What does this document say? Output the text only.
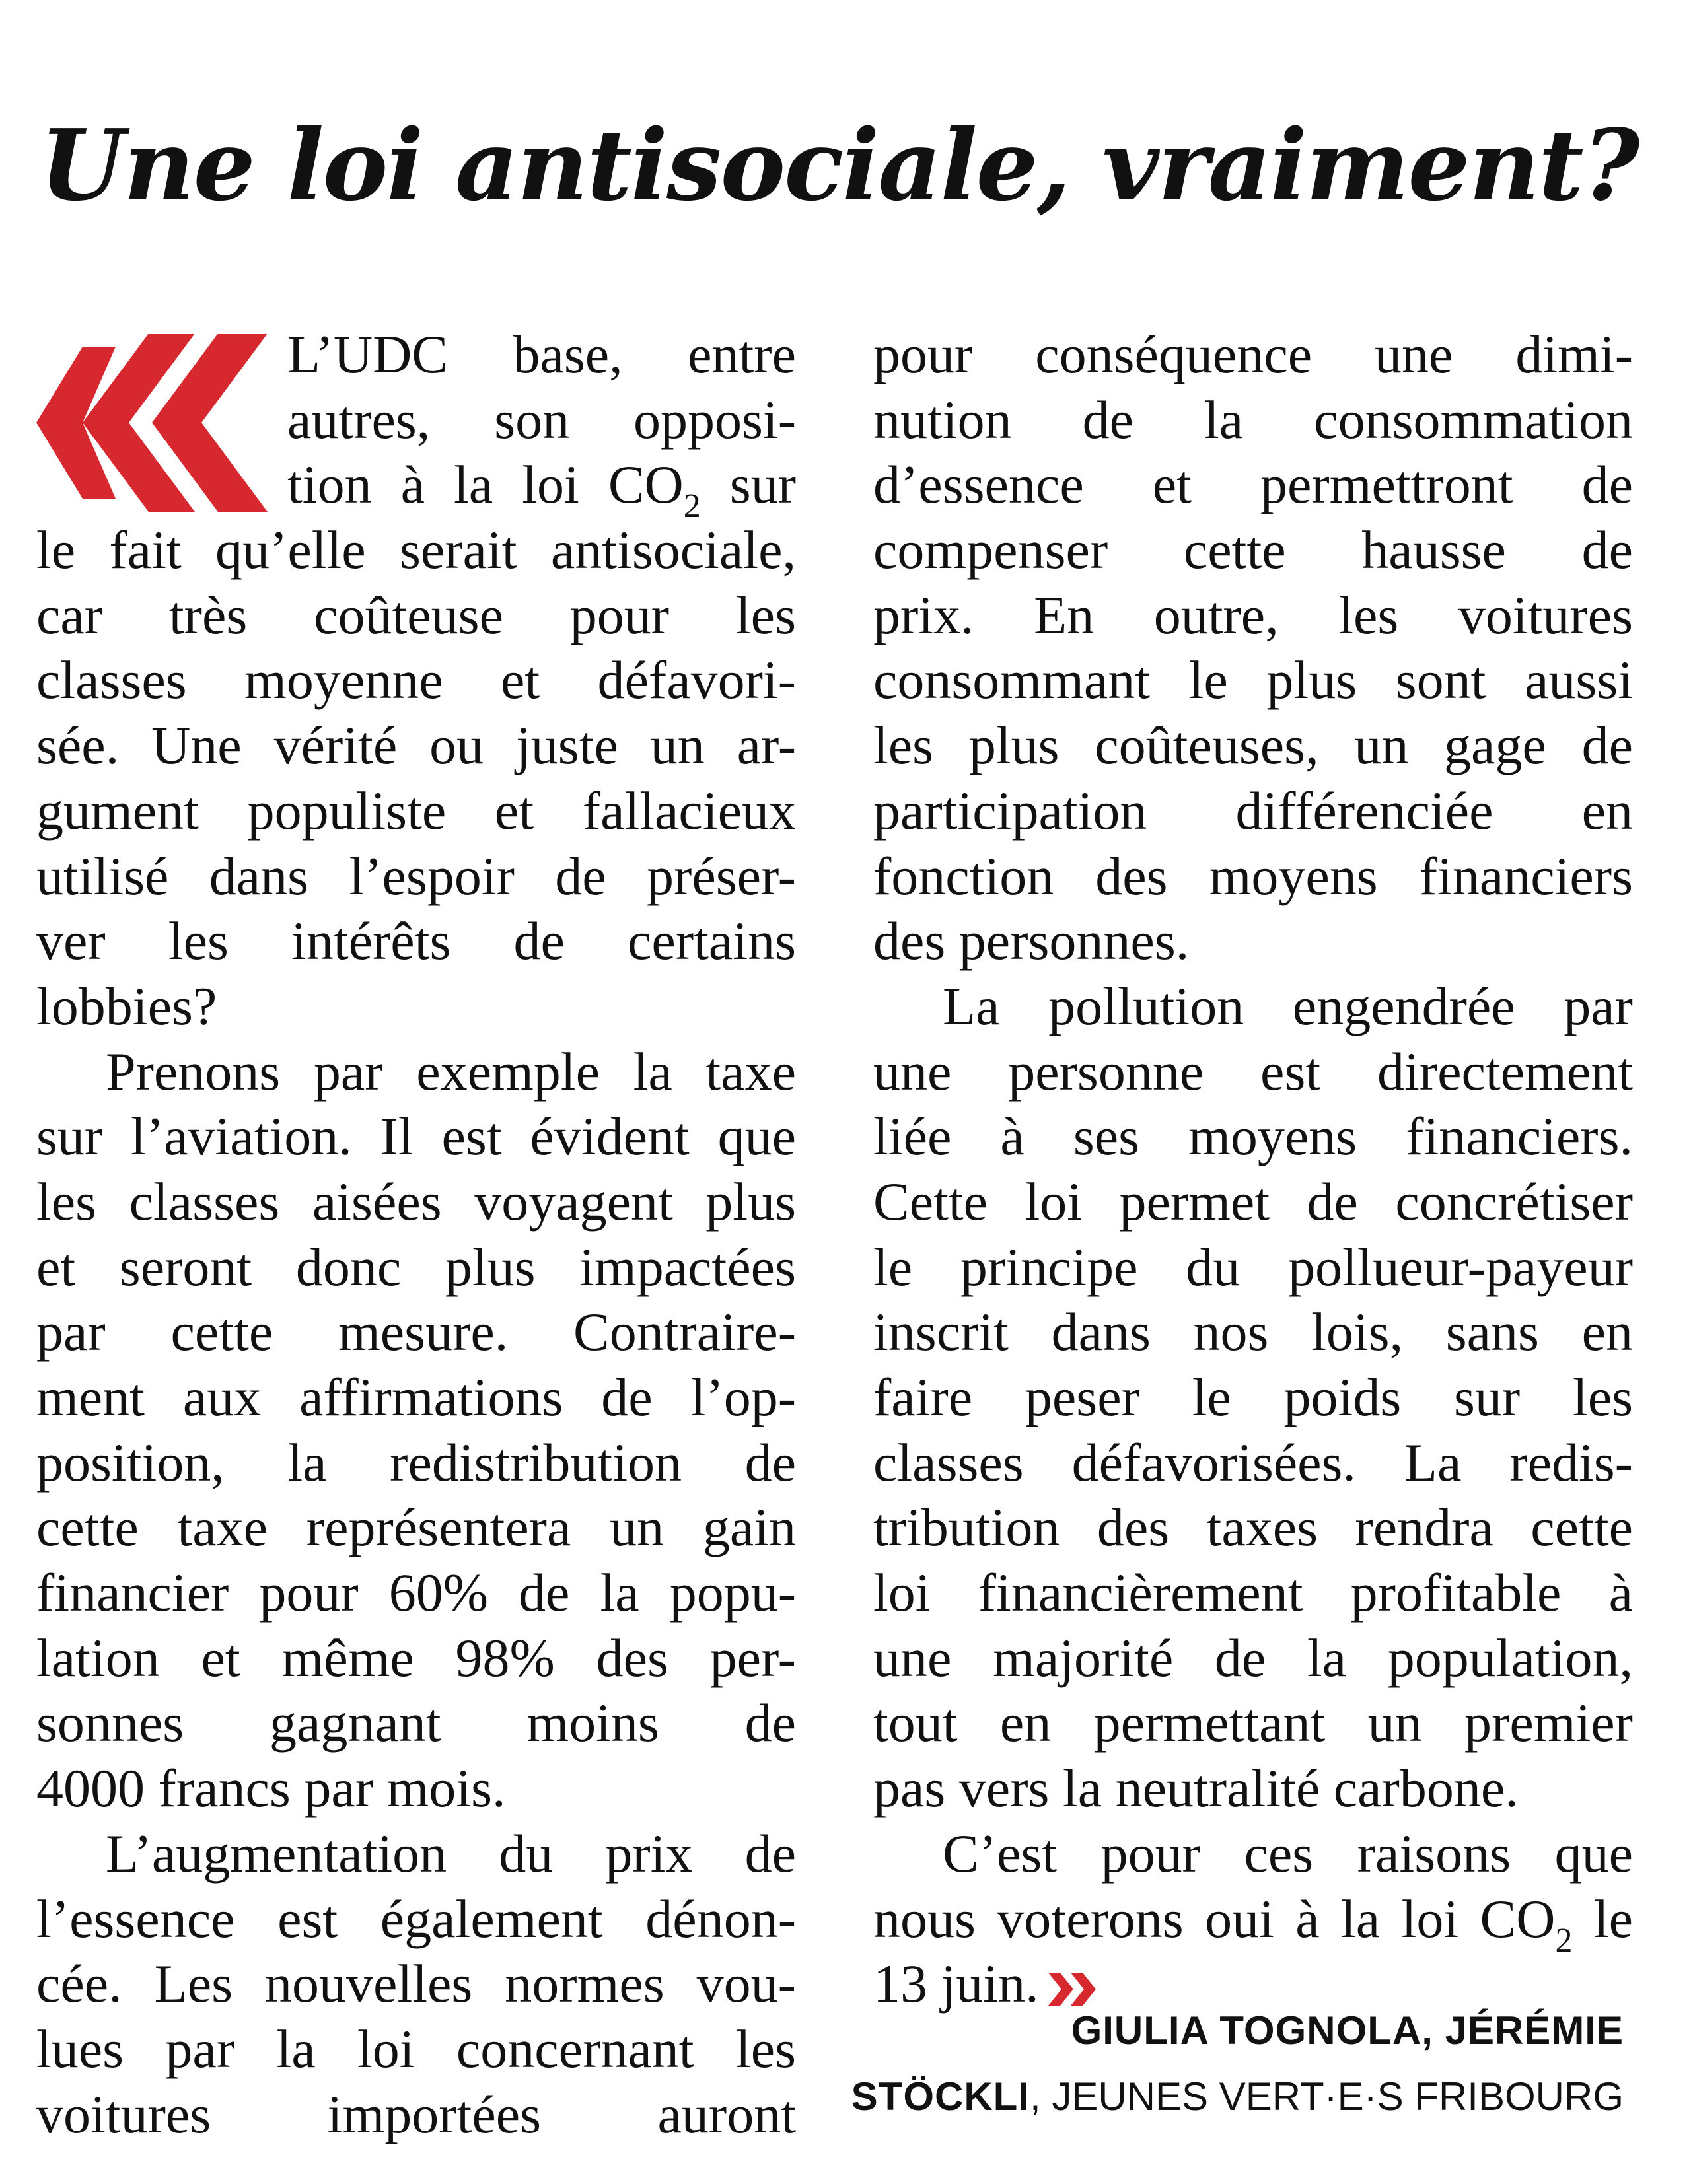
Une loi antisociale, vraiment?
L’UDC base, entre
autres, son opposi-
tion à la loi $CO_2$ sur
le fait qu’elle serait antisociale,
car très coûteuse pour les
classes moyenne et défavori-
sée. Une vérité ou juste un ar-
gument populiste et fallacieux
utilisé dans l’espoir de préser-
ver les intérêts de certains
lobbies?
Prenons par exemple la taxe
sur l’aviation. Il est évident que
les classes aisées voyagent plus
et seront donc plus impactées
par cette mesure. Contraire-
ment aux affirmations de l’op-
position, la redistribution de
cette taxe représentera un gain
financier pour 60% de la popu-
lation et même 98% des per-
sonnes gagnant moins de
4000 francs par mois.
L’augmentation du prix de
l’essence est également dénon-
cée. Les nouvelles normes vou-
lues par la loi concernant les
voitures importées auront
pour conséquence une dimi-
nution de la consommation
d’essence et permettront de
compenser cette hausse de
prix. En outre, les voitures
consommant le plus sont aussi
les plus coûteuses, un gage de
participation différenciée en
fonction des moyens financiers
des personnes.
La pollution engendrée par
une personne est directement
liée à ses moyens financiers.
Cette loi permet de concrétiser
le principe du pollueur-payeur
inscrit dans nos lois, sans en
faire peser le poids sur les
classes défavorisées. La redis-
tribution des taxes rendra cette
loi financièrement profitable à
une majorité de la population,
tout en permettant un premier
pas vers la neutralité carbone.
C’est pour ces raisons que
nous voterons oui à la loi $CO_2$ le
13 juin.
GIULIA TOGNOLA, JÉRÉMIE
STÖCKLI, JEUNES VERT·E·S FRIBOURG
